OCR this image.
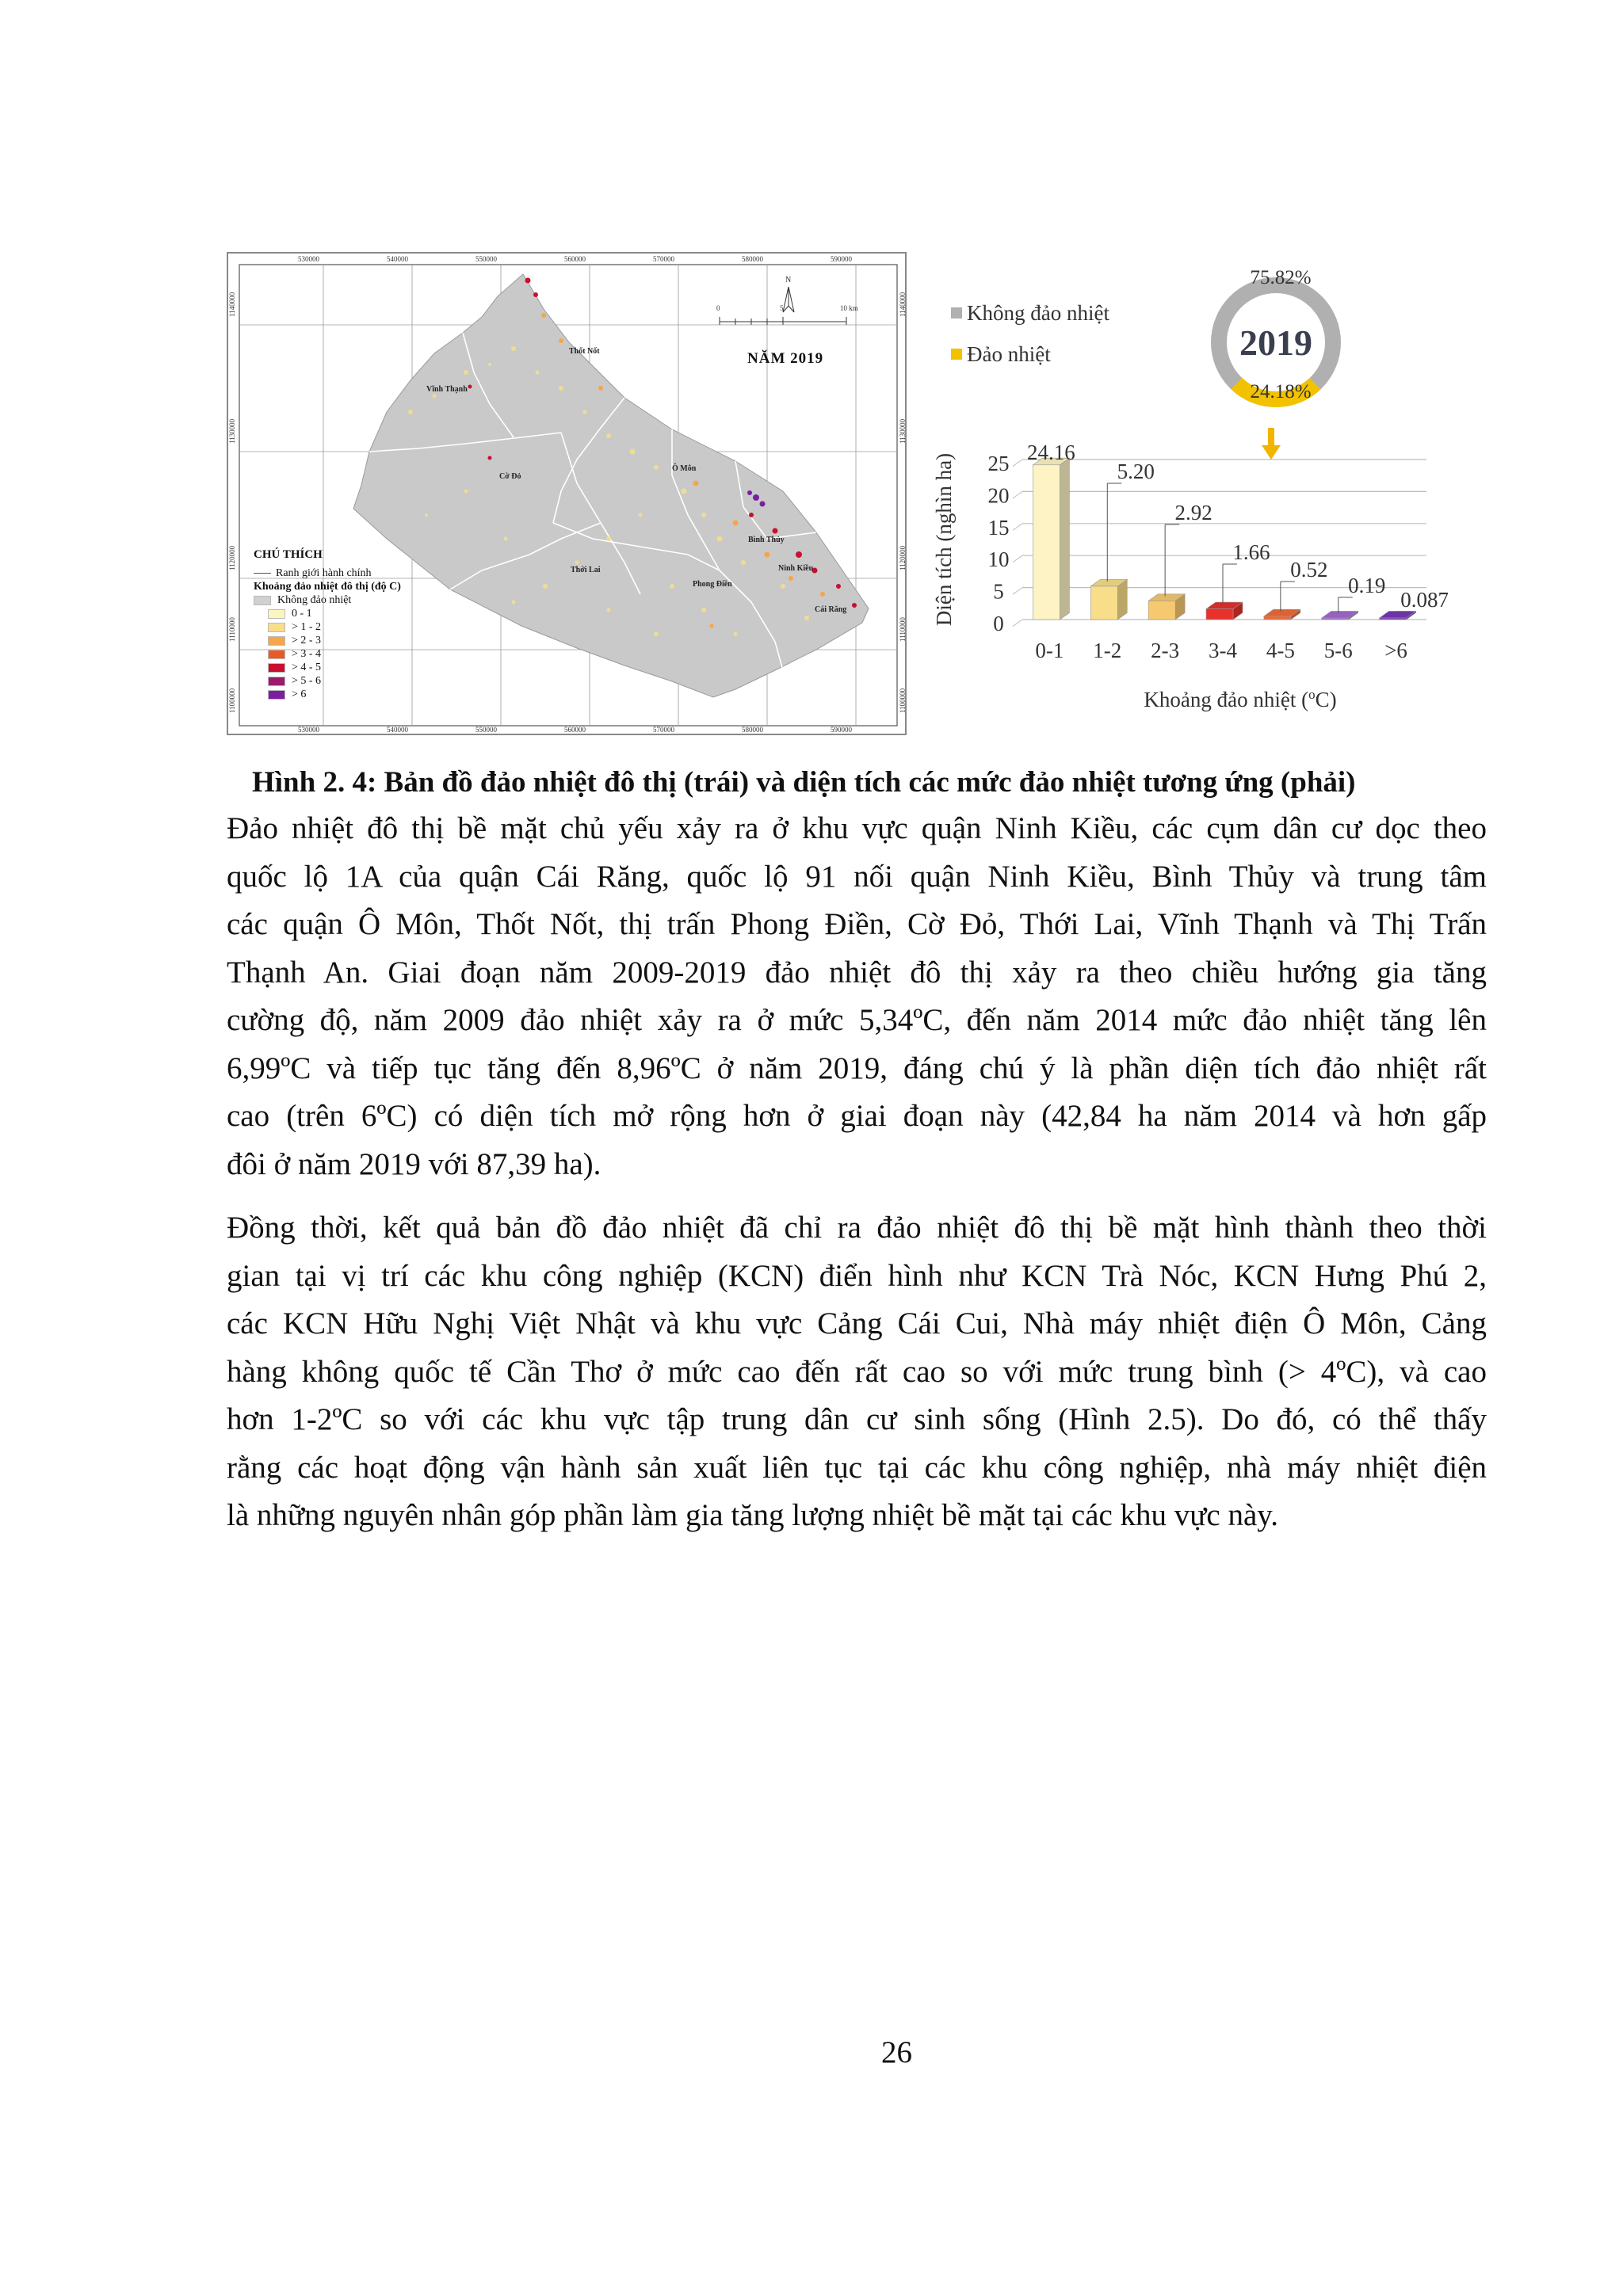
530000	540000	550000	560000	570000	580000	590000
530000	540000	550000	560000	570000	580000	590000
1140000
1130000
1120000
1110000
1100000
1140000
1130000
1120000
1110000
1100000
0	5	10 km
N
NĂM 2019
Thốt Nốt
Vĩnh Thạnh
Cờ Đỏ
Ô Môn
Bình Thủy
Ninh Kiều
Thới Lai
Phong Điền
Cái Răng
CHÚ THÍCH
Ranh giới hành chính
Khoảng đảo nhiệt đô thị (độ C)
Không đảo nhiệt
0 - 1
> 1 - 2
> 2 - 3
> 3 - 4
> 4 - 5
> 5 - 6
> 6
Không đảo nhiệt
Đảo nhiệt	2019
75.82%
24.18%
25
20
15
10
5
0
Diện tích (nghìn ha)
0-1
24.16
1-2
5.20
2-3
2.92
3-4
1.66
4-5
0.52
5-6
0.19
>6
0.087
Khoảng đảo nhiệt ($^o$C)
Hình 2. 4: Bản đồ đảo nhiệt đô thị (trái) và diện tích các mức đảo nhiệt tương ứng (phải)
Đảo nhiệt đô thị bề mặt chủ yếu xảy ra ở khu vực quận Ninh Kiều, các cụm dân cư dọc theo
quốc lộ 1A của quận Cái Răng, quốc lộ 91 nối quận Ninh Kiều, Bình Thủy và trung tâm
các quận Ô Môn, Thốt Nốt, thị trấn Phong Điền, Cờ Đỏ, Thới Lai, Vĩnh Thạnh và Thị Trấn
Thạnh An. Giai đoạn năm 2009-2019 đảo nhiệt đô thị xảy ra theo chiều hướng gia tăng
cường độ, năm 2009 đảo nhiệt xảy ra ở mức 5,34ºC, đến năm 2014 mức đảo nhiệt tăng lên
6,99ºC và tiếp tục tăng đến 8,96ºC ở năm 2019, đáng chú ý là phần diện tích đảo nhiệt rất
cao (trên 6ºC) có diện tích mở rộng hơn ở giai đoạn này (42,84 ha năm 2014 và hơn gấp
đôi ở năm 2019 với 87,39 ha).
Đồng thời, kết quả bản đồ đảo nhiệt đã chỉ ra đảo nhiệt đô thị bề mặt hình thành theo thời
gian tại vị trí các khu công nghiệp (KCN) điển hình như KCN Trà Nóc, KCN Hưng Phú 2,
các KCN Hữu Nghị Việt Nhật và khu vực Cảng Cái Cui, Nhà máy nhiệt điện Ô Môn, Cảng
hàng không quốc tế Cần Thơ ở mức cao đến rất cao so với mức trung bình (> 4ºC), và cao
hơn 1-2ºC so với các khu vực tập trung dân cư sinh sống (Hình 2.5). Do đó, có thể thấy
rằng các hoạt động vận hành sản xuất liên tục tại các khu công nghiệp, nhà máy nhiệt điện
là những nguyên nhân góp phần làm gia tăng lượng nhiệt bề mặt tại các khu vực này.
26
